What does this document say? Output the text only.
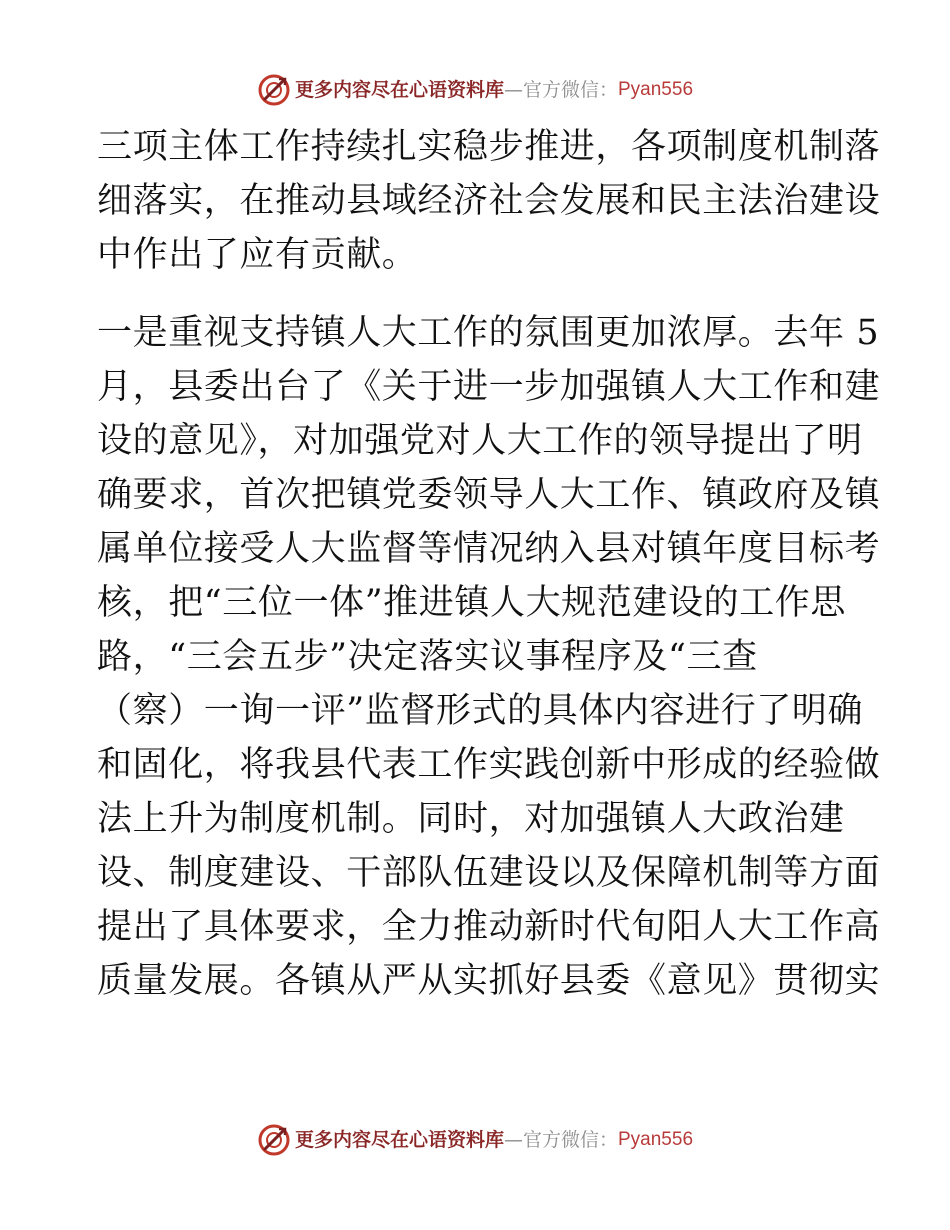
更多内容尽在心语资料库 —官方微信： Pyan556
三项主体工作持续扎实稳步推进，各项制度机制落
细落实，在推动县域经济社会发展和民主法治建设
中作出了应有贡献。
一是重视支持镇人大工作的氛围更加浓厚。去年 5
月，县委出台了《关于进一步加强镇人大工作和建
设的意见》，对加强党对人大工作的领导提出了明
确要求，首次把镇党委领导人大工作、镇政府及镇
属单位接受人大监督等情况纳入县对镇年度目标考
核，把“三位一体”推进镇人大规范建设的工作思
路，“三会五步”决定落实议事程序及“三查
（察）一询一评”监督形式的具体内容进行了明确
和固化，将我县代表工作实践创新中形成的经验做
法上升为制度机制。同时，对加强镇人大政治建
设、制度建设、干部队伍建设以及保障机制等方面
提出了具体要求，全力推动新时代旬阳人大工作高
质量发展。各镇从严从实抓好县委《意见》贯彻实
更多内容尽在心语资料库 —官方微信： Pyan556
